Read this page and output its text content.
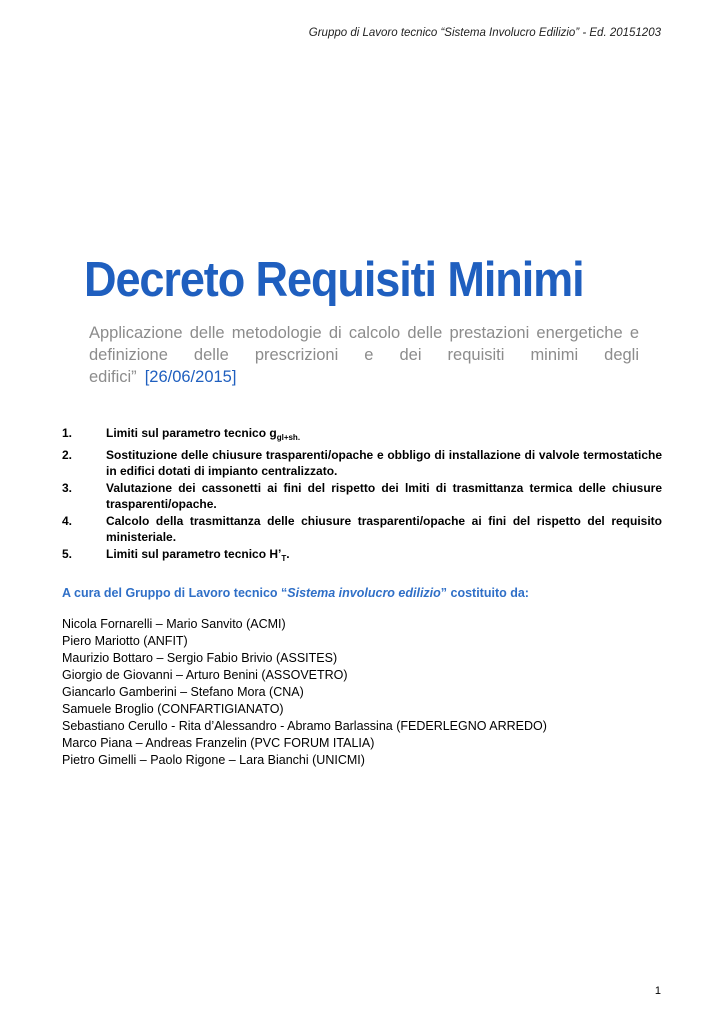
Gruppo di Lavoro tecnico “Sistema Involucro Edilizio” - Ed. 20151203
Decreto Requisiti Minimi

Applicazione delle metodologie di calcolo delle prestazioni energetiche e definizione delle prescrizioni e dei requisiti minimi degli edifici” [26/06/2015]

1.	Limiti sul parametro tecnico $g_{gl+sh.}$
2.	Sostituzione delle chiusure trasparenti/opache e obbligo di installazione di valvole termostatiche in edifici dotati di impianto centralizzato.
3.	Valutazione dei cassonetti ai fini del rispetto dei lmiti di trasmittanza termica delle chiusure trasparenti/opache.
4.	Calcolo della trasmittanza delle chiusure trasparenti/opache ai fini del rispetto del requisito ministeriale.
5.	Limiti sul parametro tecnico $H’_T$.
A cura del Gruppo di Lavoro tecnico “Sistema involucro edilizio” costituito da:
Nicola Fornarelli – Mario Sanvito (ACMI)
Piero Mariotto (ANFIT)
Maurizio Bottaro – Sergio Fabio Brivio (ASSITES)
Giorgio de Giovanni – Arturo Benini (ASSOVETRO)
Giancarlo Gamberini – Stefano Mora (CNA)
Samuele Broglio (CONFARTIGIANATO)
Sebastiano Cerullo - Rita d’Alessandro - Abramo Barlassina (FEDERLEGNO ARREDO)
Marco Piana – Andreas Franzelin (PVC FORUM ITALIA)
Pietro Gimelli – Paolo Rigone – Lara Bianchi (UNICMI)
1
